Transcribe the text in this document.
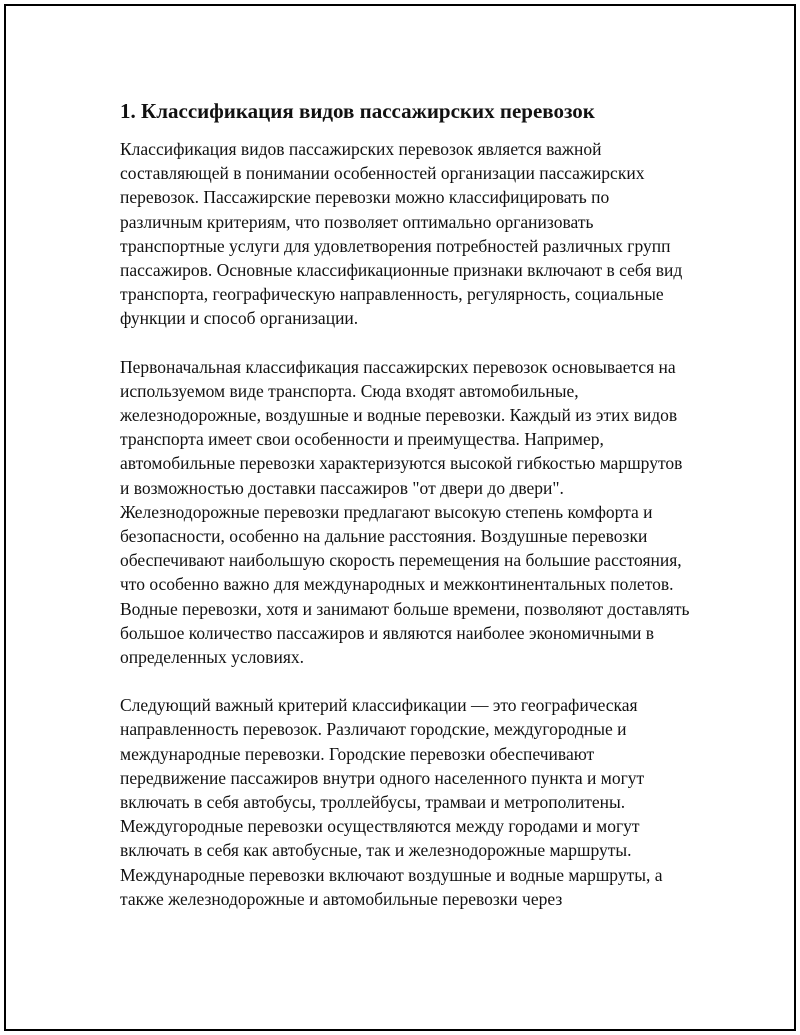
1. Классификация видов пассажирских перевозок

Классификация видов пассажирских перевозок является важной составляющей в понимании особенностей организации пассажирских перевозок. Пассажирские перевозки можно классифицировать по различным критериям, что позволяет оптимально организовать транспортные услуги для удовлетворения потребностей различных групп пассажиров. Основные классификационные признаки включают в себя вид транспорта, географическую направленность, регулярность, социальные функции и способ организации.

Первоначальная классификация пассажирских перевозок основывается на используемом виде транспорта. Сюда входят автомобильные, железнодорожные, воздушные и водные перевозки. Каждый из этих видов транспорта имеет свои особенности и преимущества. Например, автомобильные перевозки характеризуются высокой гибкостью маршрутов и возможностью доставки пассажиров "от двери до двери". Железнодорожные перевозки предлагают высокую степень комфорта и безопасности, особенно на дальние расстояния. Воздушные перевозки обеспечивают наибольшую скорость перемещения на большие расстояния, что особенно важно для международных и межконтинентальных полетов. Водные перевозки, хотя и занимают больше времени, позволяют доставлять большое количество пассажиров и являются наиболее экономичными в определенных условиях.

Следующий важный критерий классификации — это географическая направленность перевозок. Различают городские, междугородные и международные перевозки. Городские перевозки обеспечивают передвижение пассажиров внутри одного населенного пункта и могут включать в себя автобусы, троллейбусы, трамваи и метрополитены. Междугородные перевозки осуществляются между городами и могут включать в себя как автобусные, так и железнодорожные маршруты. Международные перевозки включают воздушные и водные маршруты, а также железнодорожные и автомобильные перевозки через
